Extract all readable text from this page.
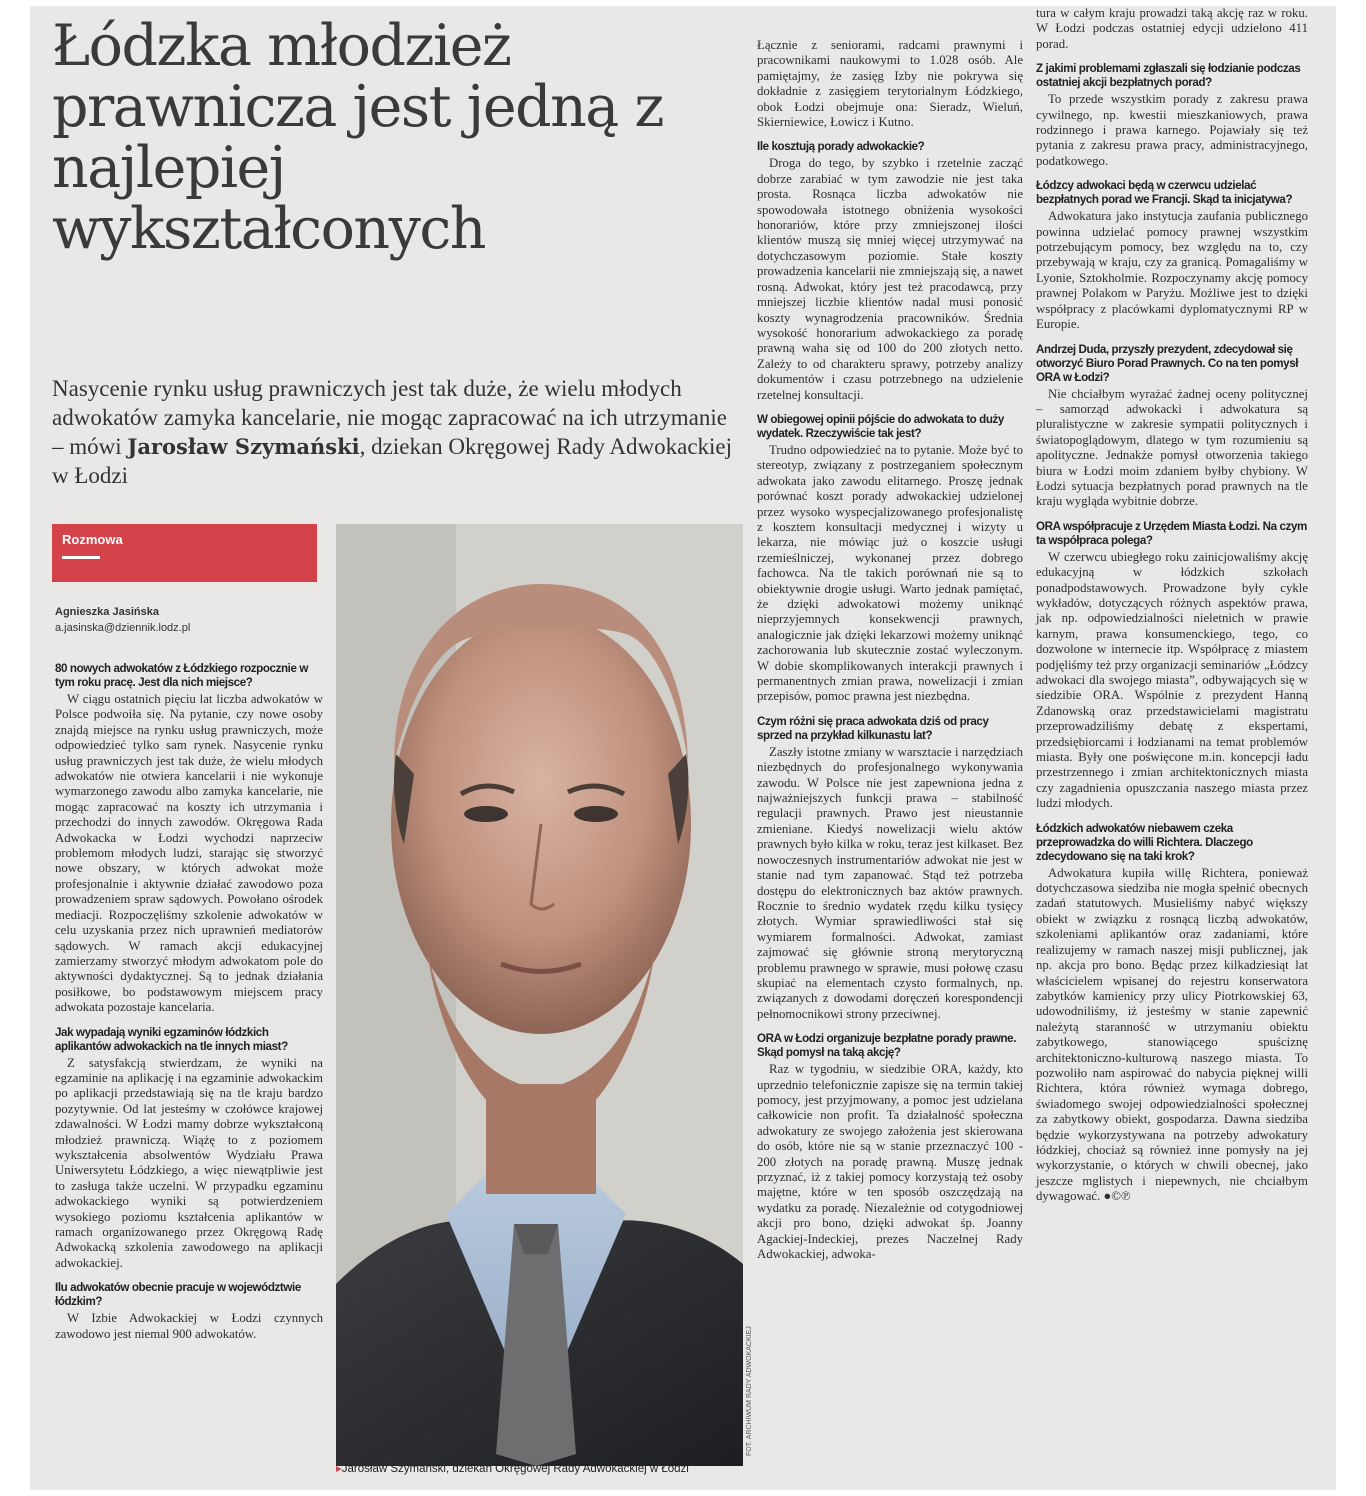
Łódzka młodzież prawnicza jest jedną z najlepiej wykształconych

Nasycenie rynku usług prawniczych jest tak duże, że wielu młodych adwokatów zamyka kancelarie, nie mogąc zapracować na ich utrzymanie – mówi Jarosław Szymański, dziekan Okręgowej Rady Adwokackiej w Łodzi

Rozmowa
Agnieszka Jasińska
a.jasinska@dziennik.lodz.pl
80 nowych adwokatów z Łódzkiego rozpocznie w tym roku pracę. Jest dla nich miejsce?

W ciągu ostatnich pięciu lat liczba adwokatów w Polsce podwoiła się. Na pytanie, czy nowe osoby znajdą miejsce na rynku usług prawniczych, może odpowiedzieć tylko sam rynek. Nasycenie rynku usług prawniczych jest tak duże, że wielu młodych adwokatów nie otwiera kancelarii i nie wykonuje wymarzonego zawodu albo zamyka kancelarie, nie mogąc zapracować na koszty ich utrzymania i przechodzi do innych zawodów. Okręgowa Rada Adwokacka w Łodzi wychodzi naprzeciw problemom młodych ludzi, starając się stworzyć nowe obszary, w których adwokat może profesjonalnie i aktywnie działać zawodowo poza prowadzeniem spraw sądowych. Powołano ośrodek mediacji. Rozpoczęliśmy szkolenie adwokatów w celu uzyskania przez nich uprawnień mediatorów sądowych. W ramach akcji edukacyjnej zamierzamy stworzyć młodym adwokatom pole do aktywności dydaktycznej. Są to jednak działania posiłkowe, bo podstawowym miejscem pracy adwokata pozostaje kancelaria.

Jak wypadają wyniki egzaminów łódzkich aplikantów adwokackich na tle innych miast?

Z satysfakcją stwierdzam, że wyniki na egzaminie na aplikację i na egzaminie adwokackim po aplikacji przedstawiają się na tle kraju bardzo pozytywnie. Od lat jesteśmy w czołówce krajowej zdawalności. W Łodzi mamy dobrze wykształconą młodzież prawniczą. Wiążę to z poziomem wykształcenia absolwentów Wydziału Prawa Uniwersytetu Łódzkiego, a więc niewątpliwie jest to zasługa także uczelni. W przypadku egzaminu adwokackiego wyniki są potwierdzeniem wysokiego poziomu kształcenia aplikantów w ramach organizowanego przez Okręgową Radę Adwokacką szkolenia zawodowego na aplikacji adwokackiej.

Ilu adwokatów obecnie pracuje w województwie łódzkim?

W Izbie Adwokackiej w Łodzi czynnych zawodowo jest niemal 900 adwokatów.

▸Jarosław Szymański, dziekan Okręgowej Rady Adwokackiej w Łodzi
FOT. ARCHIWUM RADY ADWOKACKIEJ

Łącznie z seniorami, radcami prawnymi i pracownikami naukowymi to 1.028 osób. Ale pamiętajmy, że zasięg Izby nie pokrywa się dokładnie z zasięgiem terytorialnym Łódzkiego, obok Łodzi obejmuje ona: Sieradz, Wieluń, Skierniewice, Łowicz i Kutno.

Ile kosztują porady adwokackie?

Droga do tego, by szybko i rzetelnie zacząć dobrze zarabiać w tym zawodzie nie jest taka prosta. Rosnąca liczba adwokatów nie spowodowała istotnego obniżenia wysokości honorariów, które przy zmniejszonej ilości klientów muszą się mniej więcej utrzymywać na dotychczasowym poziomie. Stałe koszty prowadzenia kancelarii nie zmniejszają się, a nawet rosną. Adwokat, który jest też pracodawcą, przy mniejszej liczbie klientów nadal musi ponosić koszty wynagrodzenia pracowników. Średnia wysokość honorarium adwokackiego za poradę prawną waha się od 100 do 200 złotych netto. Zależy to od charakteru sprawy, potrzeby analizy dokumentów i czasu potrzebnego na udzielenie rzetelnej konsultacji.

W obiegowej opinii pójście do adwokata to duży wydatek. Rzeczywiście tak jest?

Trudno odpowiedzieć na to pytanie. Może być to stereotyp, związany z postrzeganiem społecznym adwokata jako zawodu elitarnego. Proszę jednak porównać koszt porady adwokackiej udzielonej przez wysoko wyspecjalizowanego profesjonalistę z kosztem konsultacji medycznej i wizyty u lekarza, nie mówiąc już o koszcie usługi rzemieślniczej, wykonanej przez dobrego fachowca. Na tle takich porównań nie są to obiektywnie drogie usługi. Warto jednak pamiętać, że dzięki adwokatowi możemy uniknąć nieprzyjemnych konsekwencji prawnych, analogicznie jak dzięki lekarzowi możemy uniknąć zachorowania lub skutecznie zostać wyleczonym. W dobie skomplikowanych interakcji prawnych i permanentnych zmian prawa, nowelizacji i zmian przepisów, pomoc prawna jest niezbędna.

Czym różni się praca adwokata dziś od pracy sprzed na przykład kilkunastu lat?

Zaszły istotne zmiany w warsztacie i narzędziach niezbędnych do profesjonalnego wykonywania zawodu. W Polsce nie jest zapewniona jedna z najważniejszych funkcji prawa – stabilność regulacji prawnych. Prawo jest nieustannie zmieniane. Kiedyś nowelizacji wielu aktów prawnych było kilka w roku, teraz jest kilkaset. Bez nowoczesnych instrumentariów adwokat nie jest w stanie nad tym zapanować. Stąd też potrzeba dostępu do elektronicznych baz aktów prawnych. Rocznie to średnio wydatek rzędu kilku tysięcy złotych. Wymiar sprawiedliwości stał się wymiarem formalności. Adwokat, zamiast zajmować się głównie stroną merytoryczną problemu prawnego w sprawie, musi połowę czasu skupiać na elementach czysto formalnych, np. związanych z dowodami doręczeń korespondencji pełnomocnikowi strony przeciwnej.

ORA w Łodzi organizuje bezpłatne porady prawne. Skąd pomysł na taką akcję?

Raz w tygodniu, w siedzibie ORA, każdy, kto uprzednio telefonicznie zapisze się na termin takiej pomocy, jest przyjmowany, a pomoc jest udzielana całkowicie non profit. Ta działalność społeczna adwokatury ze swojego założenia jest skierowana do osób, które nie są w stanie przeznaczyć 100 - 200 złotych na poradę prawną. Muszę jednak przyznać, iż z takiej pomocy korzystają też osoby majętne, które w ten sposób oszczędzają na wydatku za poradę. Niezależnie od cotygodniowej akcji pro bono, dzięki adwokat śp. Joanny Agackiej-Indeckiej, prezes Naczelnej Rady Adwokackiej, adwoka-

tura w całym kraju prowadzi taką akcję raz w roku. W Łodzi podczas ostatniej edycji udzielono 411 porad.

Z jakimi problemami zgłaszali się łodzianie podczas ostatniej akcji bezpłatnych porad?

To przede wszystkim porady z zakresu prawa cywilnego, np. kwestii mieszkaniowych, prawa rodzinnego i prawa karnego. Pojawiały się też pytania z zakresu prawa pracy, administracyjnego, podatkowego.

Łódzcy adwokaci będą w czerwcu udzielać bezpłatnych porad we Francji. Skąd ta inicjatywa?

Adwokatura jako instytucja zaufania publicznego powinna udzielać pomocy prawnej wszystkim potrzebującym pomocy, bez względu na to, czy przebywają w kraju, czy za granicą. Pomagaliśmy w Lyonie, Sztokholmie. Rozpoczynamy akcję pomocy prawnej Polakom w Paryżu. Możliwe jest to dzięki współpracy z placówkami dyplomatycznymi RP w Europie.

Andrzej Duda, przyszły prezydent, zdecydował się otworzyć Biuro Porad Prawnych. Co na ten pomysł ORA w Łodzi?

Nie chciałbym wyrażać żadnej oceny politycznej – samorząd adwokacki i adwokatura są pluralistyczne w zakresie sympatii politycznych i światopoglądowym, dlatego w tym rozumieniu są apolityczne. Jednakże pomysł otworzenia takiego biura w Łodzi moim zdaniem byłby chybiony. W Łodzi sytuacja bezpłatnych porad prawnych na tle kraju wygląda wybitnie dobrze.

ORA współpracuje z Urzędem Miasta Łodzi. Na czym ta współpraca polega?

W czerwcu ubiegłego roku zainicjowaliśmy akcję edukacyjną w łódzkich szkołach ponadpodstawowych. Prowadzone były cykle wykładów, dotyczących różnych aspektów prawa, jak np. odpowiedzialności nieletnich w prawie karnym, prawa konsumenckiego, tego, co dozwolone w internecie itp. Współpracę z miastem podjęliśmy też przy organizacji seminariów „Łódzcy adwokaci dla swojego miasta”, odbywających się w siedzibie ORA. Wspólnie z prezydent Hanną Zdanowską oraz przedstawicielami magistratu przeprowadziliśmy debatę z ekspertami, przedsiębiorcami i łodzianami na temat problemów miasta. Były one poświęcone m.in. koncepcji ładu przestrzennego i zmian architektonicznych miasta czy zagadnienia opuszczania naszego miasta przez ludzi młodych.

Łódzkich adwokatów niebawem czeka przeprowadzka do willi Richtera. Dlaczego zdecydowano się na taki krok?

Adwokatura kupiła willę Richtera, ponieważ dotychczasowa siedziba nie mogła spełnić obecnych zadań statutowych. Musieliśmy nabyć większy obiekt w związku z rosnącą liczbą adwokatów, szkoleniami aplikantów oraz zadaniami, które realizujemy w ramach naszej misji publicznej, jak np. akcja pro bono. Będąc przez kilkadziesiąt lat właścicielem wpisanej do rejestru konserwatora zabytków kamienicy przy ulicy Piotrkowskiej 63, udowodniliśmy, iż jesteśmy w stanie zapewnić należytą staranność w utrzymaniu obiektu zabytkowego, stanowiącego spuściznę architektoniczno-kulturową naszego miasta. To pozwoliło nam aspirować do nabycia pięknej willi Richtera, która również wymaga dobrego, świadomego swojej odpowiedzialności społecznej za zabytkowy obiekt, gospodarza. Dawna siedziba będzie wykorzystywana na potrzeby adwokatury łódzkiej, chociaż są również inne pomysły na jej wykorzystanie, o których w chwili obecnej, jako jeszcze mglistych i niepewnych, nie chciałbym dywagować. ●©℗
